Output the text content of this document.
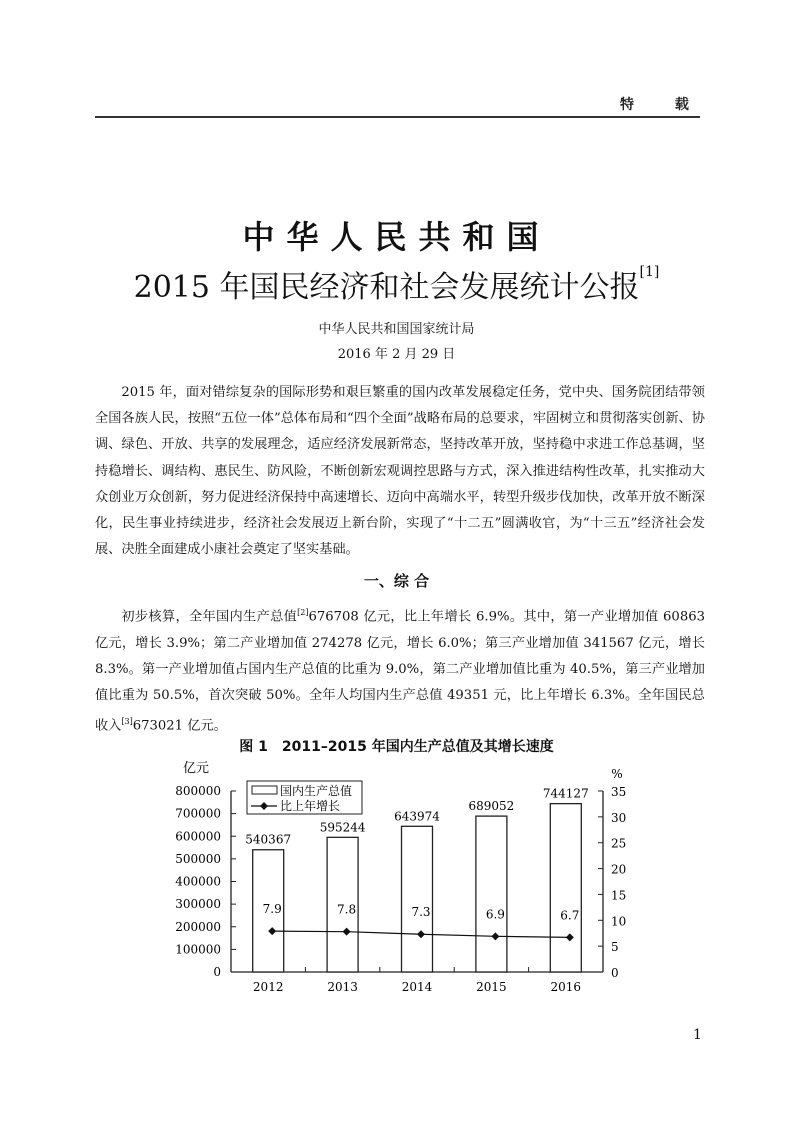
特 载
中华人民共和国
2015 年国民经济和社会发展统计公报[1]
中华人民共和国国家统计局
2016 年 2 月 29 日
2015 年，面对错综复杂的国际形势和艰巨繁重的国内改革发展稳定任务，党中央、国务院团结带领全国各族人民，按照“五位一体”总体布局和“四个全面”战略布局的总要求，牢固树立和贯彻落实创新、协调、绿色、开放、共享的发展理念，适应经济发展新常态，坚持改革开放，坚持稳中求进工作总基调，坚持稳增长、调结构、惠民生、防风险，不断创新宏观调控思路与方式，深入推进结构性改革，扎实推动大众创业万众创新，努力促进经济保持中高速增长、迈向中高端水平，转型升级步伐加快，改革开放不断深化，民生事业持续进步，经济社会发展迈上新台阶，实现了“十二五”圆满收官，为“十三五”经济社会发展、决胜全面建成小康社会奠定了坚实基础。
一、综 合
初步核算，全年国内生产总值[2]676708 亿元，比上年增长 6.9%。其中，第一产业增加值 60863 亿元，增长 3.9%；第二产业增加值 274278 亿元，增长 6.0%；第三产业增加值 341567 亿元，增长 8.3%。第一产业增加值占国内生产总值的比重为 9.0%，第二产业增加值比重为 40.5%，第三产业增加值比重为 50.5%，首次突破 50%。全年人均国内生产总值 49351 元，比上年增长 6.3%。全年国民总收入[3]673021 亿元。
图 1　2011–2015 年国内生产总值及其增长速度
亿元	%
0
100000
200000
300000
400000
500000
600000
700000
800000
0
5
10
15
20
25
30
35
2012	2013	2014	2015	2016
540367
595244
643974
689052
744127
7.9	7.8	7.3	6.9	6.7
国内生产总值
比上年增长
1
